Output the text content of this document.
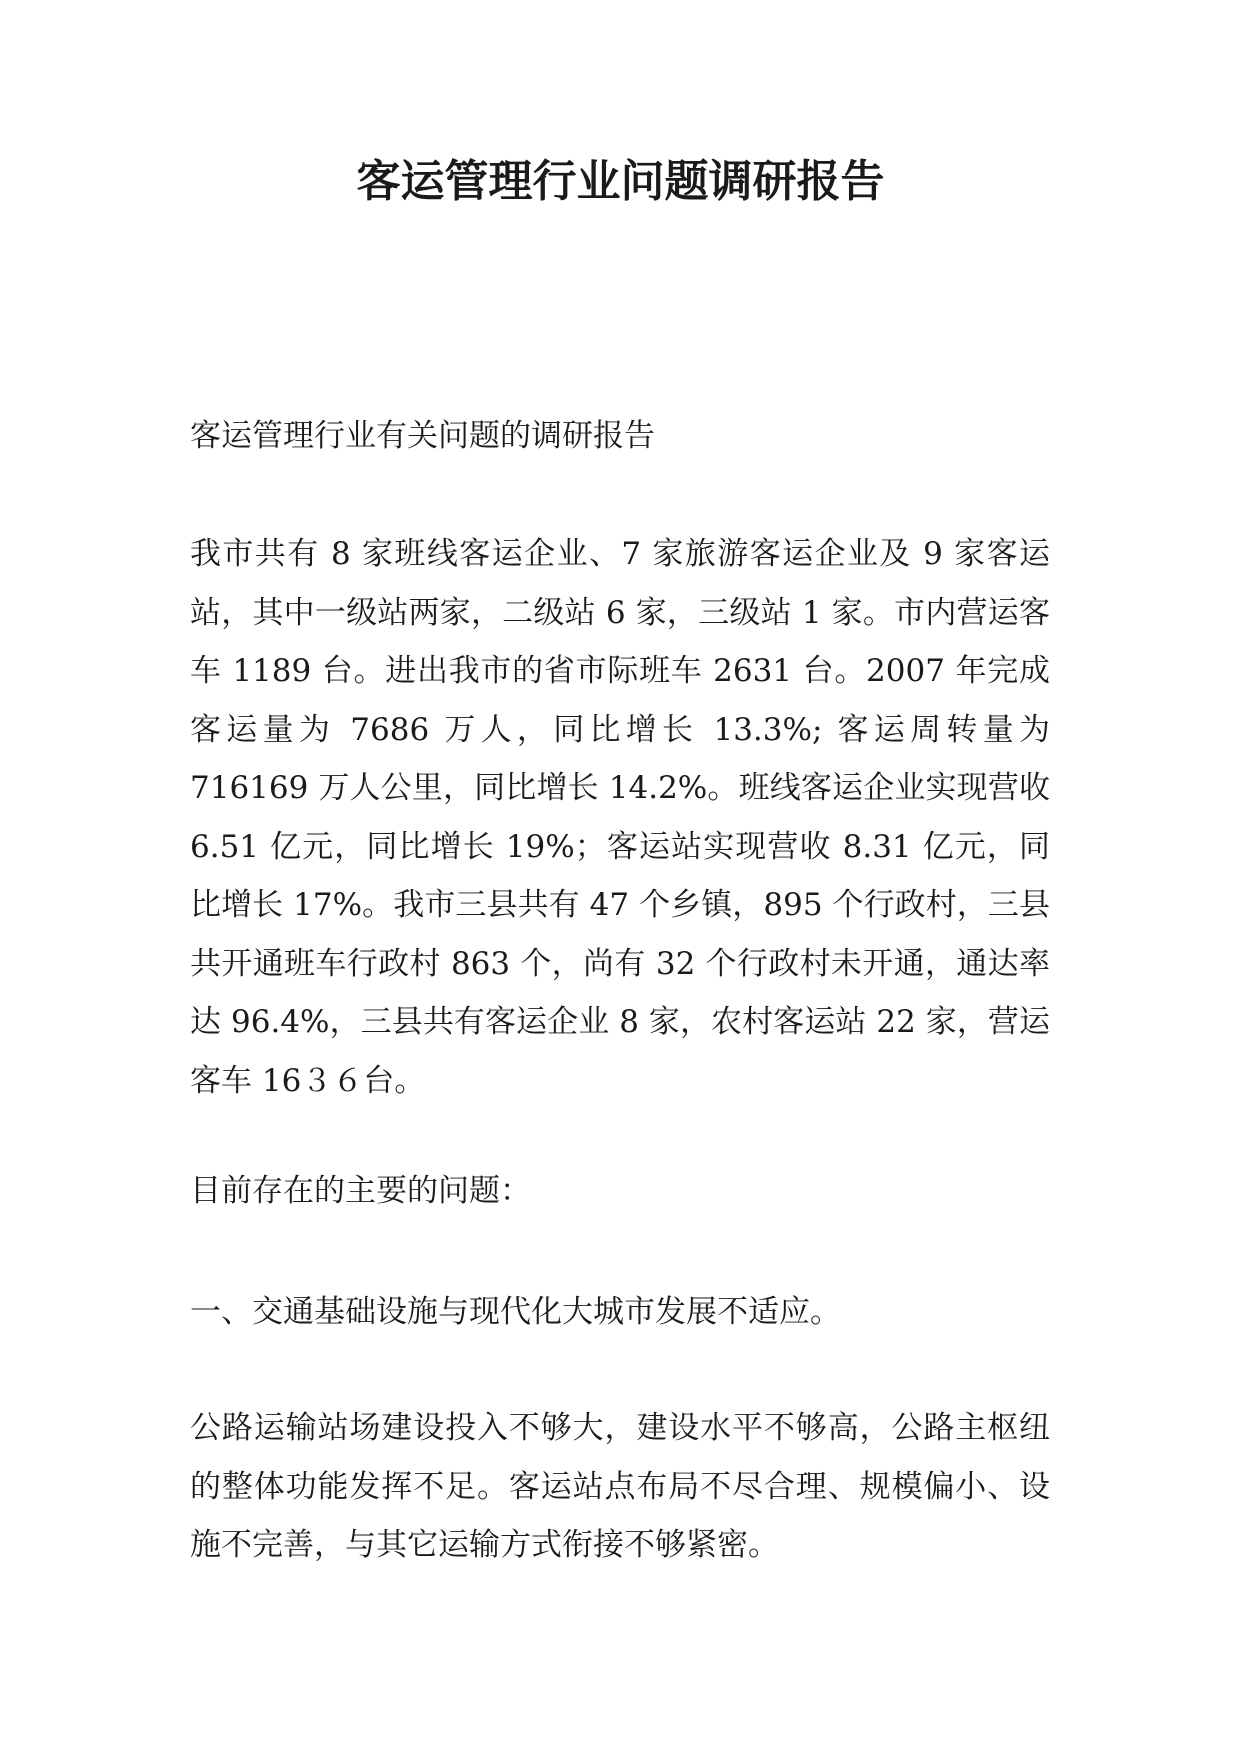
客运管理行业问题调研报告

客运管理行业有关问题的调研报告

我市共有 8 家班线客运企业、7 家旅游客运企业及 9 家客运站，其中一级站两家，二级站 6 家，三级站 1 家。市内营运客车 1189 台。进出我市的省市际班车 2631 台。2007 年完成客运量为 7686 万人，同比增长 13.3%; 客运周转量为 716169 万人公里，同比增长 14.2%。班线客运企业实现营收 6.51 亿元，同比增长 19%；客运站实现营收 8.31 亿元，同比增长 17%。我市三县共有 47 个乡镇，895 个行政村，三县共开通班车行政村 863 个，尚有 32 个行政村未开通，通达率达 96.4%，三县共有客运企业 8 家，农村客运站 22 家，营运客车 16３６台。

目前存在的主要的问题：

一、交通基础设施与现代化大城市发展不适应。

公路运输站场建设投入不够大，建设水平不够高，公路主枢纽的整体功能发挥不足。客运站点布局不尽合理、规模偏小、设施不完善，与其它运输方式衔接不够紧密。
